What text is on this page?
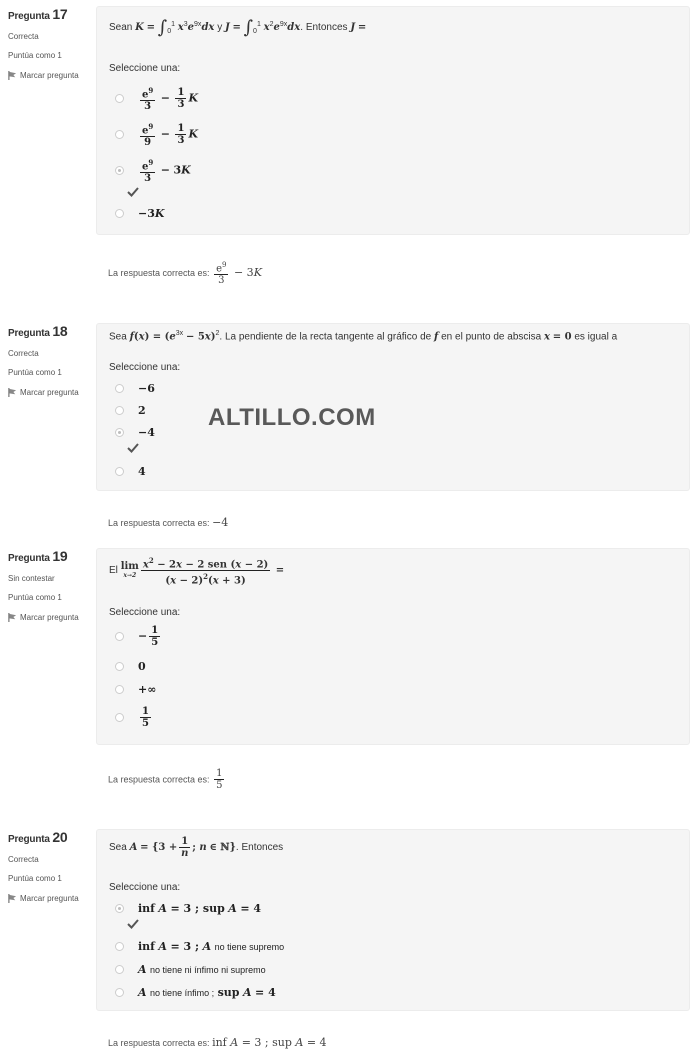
Pregunta 17
Correcta
Puntúa como 1
Marcar pregunta
Sean $K = \int_0^1$ $x^3e^{9x}dx$ y $J = \int_0^1$ $x^2e^{9x}dx$. Entonces J =
Seleccione una:
$\frac{e^9}{3} - \frac{1}{3}$ K
$\frac{e^9}{9} - \frac{1}{3}$ K
$\frac{e^9}{3} - 3K$
−3K
La respuesta correcta es: $\frac{e^9}{3} - 3K$
Pregunta 18
Correcta
Puntúa como 1
Marcar pregunta
Sea $f(x) = (e^{3x} - 5x)^2$. La pendiente de la recta tangente al gráfico de f en el punto de abscisa x = 0 es igual a
Seleccione una:
−6
2
−4
4
La respuesta correcta es: −4
ALTILLO.COM
Pregunta 19
Sin contestar
Puntúa como 1
Marcar pregunta
El
lim
$x\to 2 \frac{x^2 - 2x - 2 sen (x - 2)}{(x - 2)^2(x + 3)}$ =
Seleccione una:
− $\frac{1}{5}$
0
+∞
$\frac{1}{5}$
La respuesta correcta es: $\frac{1}{5}$
Pregunta 20
Correcta
Puntúa como 1
Marcar pregunta
Sea
A
= {$3 + \frac{1}{n}$ ; n
∈ ℕ} . Entonces
Seleccione una:
inf A = 3 ; sup A = 4
inf A = 3 ; A no tiene supremo
A no tiene ni ínfimo ni supremo
A no tiene ínfimo ; sup A = 4
La respuesta correcta es: inf A = 3 ; sup A = 4
